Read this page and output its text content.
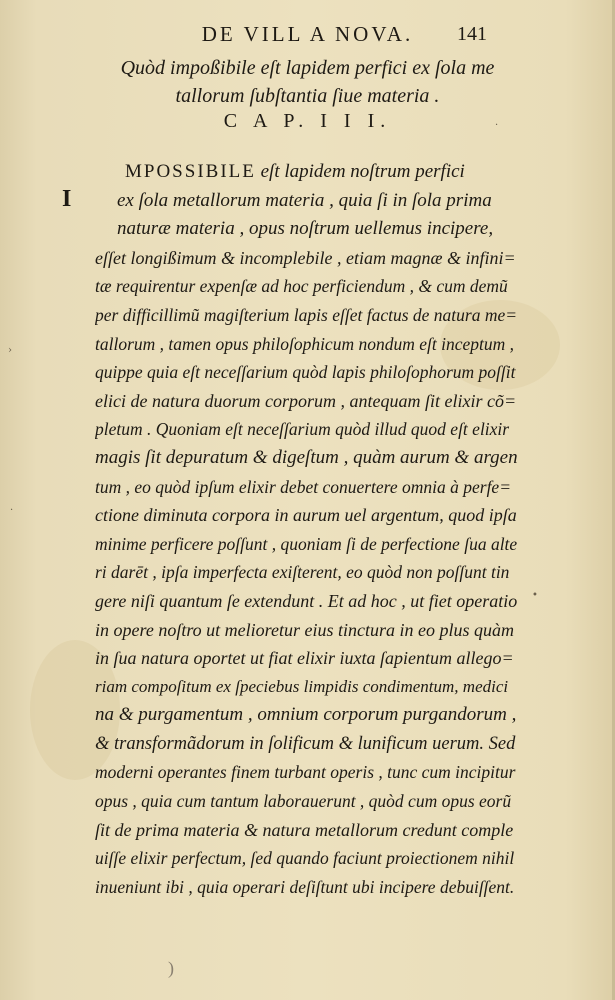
DE VILL A NOVA.	141
Quòd impoßibile eſt lapidem perfici ex ſola me
tallorum ſubſtantia ſiue materia .
C A P. I I I.
I
MPOSSIBILE eſt lapidem noſtrum perfici
ex ſola metallorum materia , quia ſi in ſola prima
naturæ materia , opus noſtrum uellemus incipere,
eſſet longißimum & incomplebile , etiam magnæ & infini=
tæ requirentur expenſæ ad hoc perficiendum , & cum demũ
per difficillimũ magiſterium lapis eſſet factus de natura me=
tallorum , tamen opus philoſophicum nondum eſt inceptum ,
quippe quia eſt neceſſarium quòd lapis philoſophorum poſſit
elici de natura duorum corporum , antequam ſit elixir cõ=
pletum . Quoniam eſt neceſſarium quòd illud quod eſt elixir
magis ſit depuratum & digeſtum , quàm aurum & argen
tum , eo quòd ipſum elixir debet conuertere omnia à perfe=
ctione diminuta corpora in aurum uel argentum, quod ipſa
minime perficere poſſunt , quoniam ſi de perfectione ſua alte
ri darēt , ipſa imperfecta exiſterent, eo quòd non poſſunt tin
gere niſi quantum ſe extendunt . Et ad hoc , ut fiet operatio
in opere noſtro ut melioretur eius tinctura in eo plus quàm
in ſua natura oportet ut fiat elixir iuxta ſapientum allego=
riam compoſitum ex ſpeciebus limpidis condimentum, medici
na & purgamentum , omnium corporum purgandorum ,
& transformãdorum in ſolificum & lunificum uerum. Sed
moderni operantes finem turbant operis , tunc cum incipitur
opus , quia cum tantum laborauerunt , quòd cum opus eorũ
ſit de prima materia & natura metallorum credunt comple
uiſſe elixir perfectum, ſed quando faciunt proiectionem nihil
inueniunt ibi , quia operari deſiſtunt ubi incipere debuiſſent.
›
·
•
·
)
